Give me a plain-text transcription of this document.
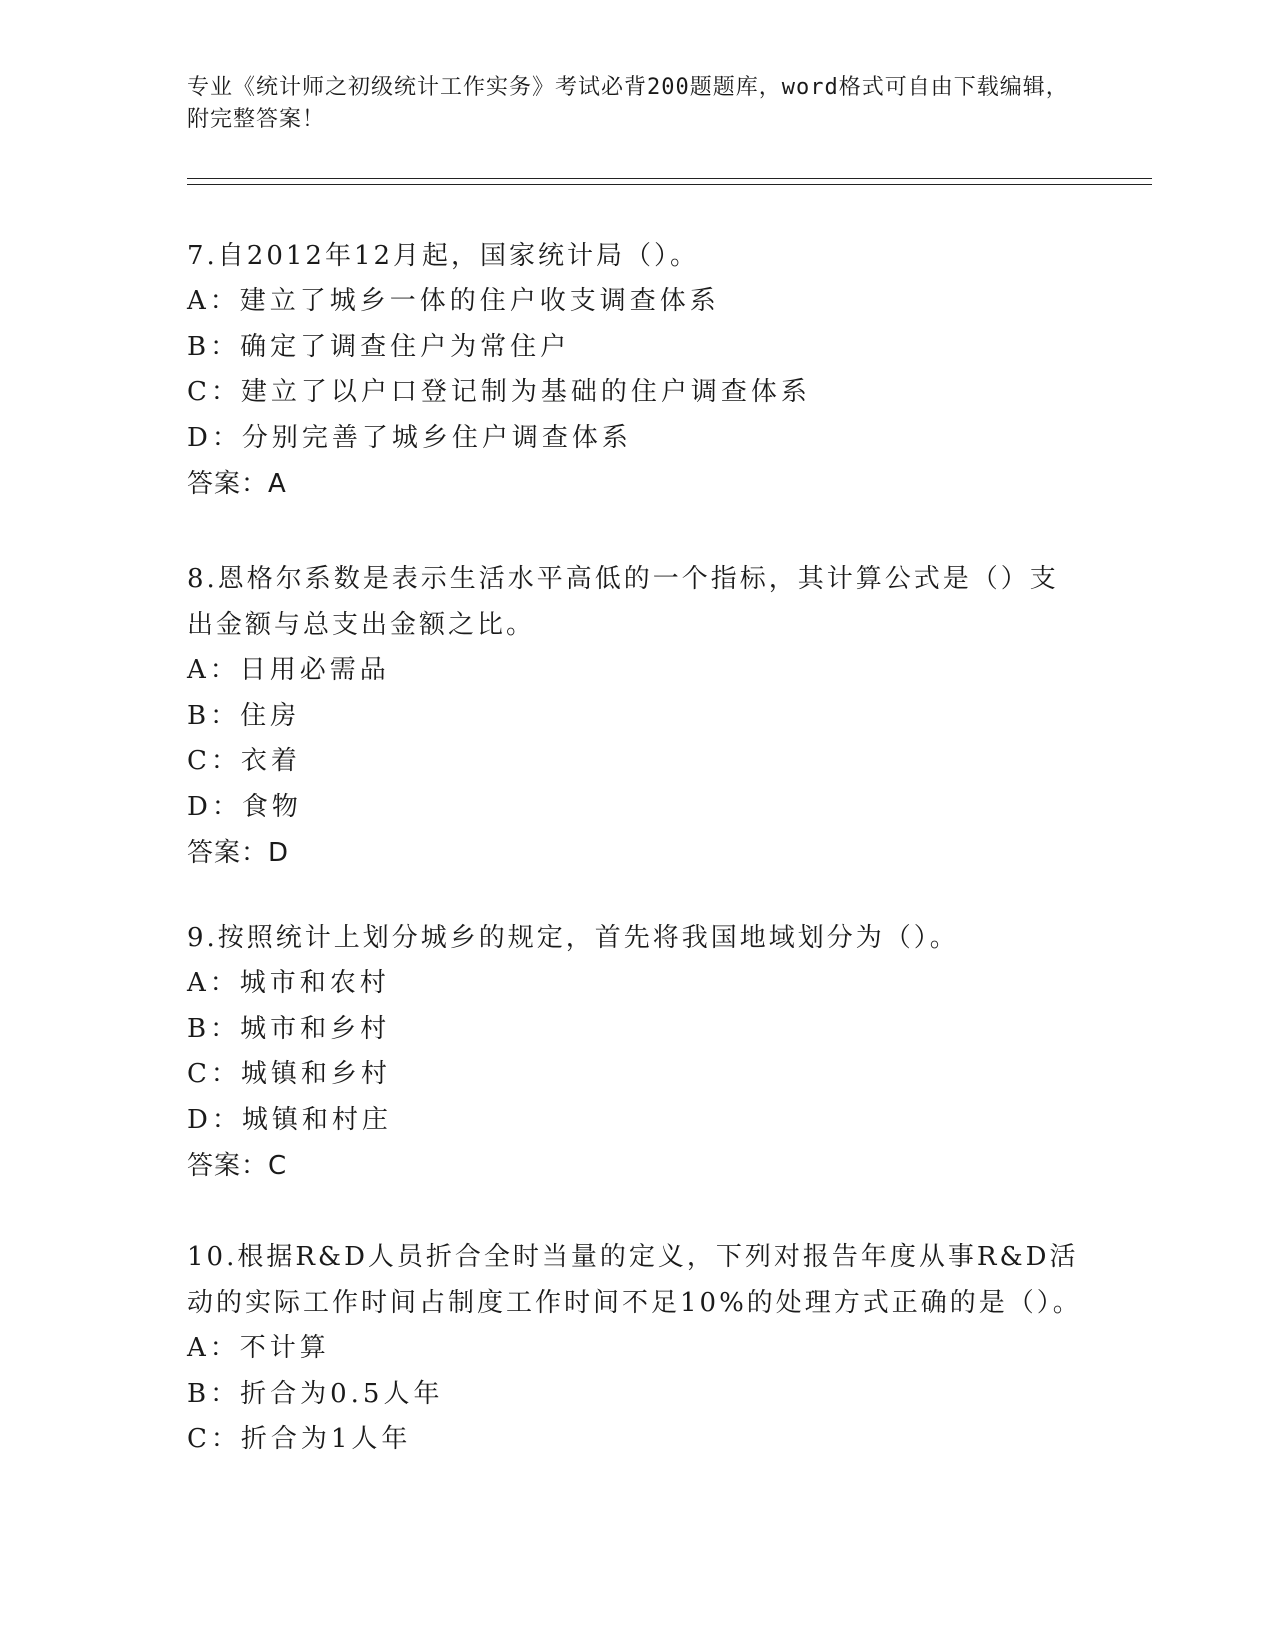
专业《统计师之初级统计工作实务》考试必背200题题库，word格式可自由下载编辑，附完整答案！
7.自2012年12月起，国家统计局（）。
A：建立了城乡一体的住户收支调查体系
B：确定了调查住户为常住户
C：建立了以户口登记制为基础的住户调查体系
D：分别完善了城乡住户调查体系
答案：A
8.恩格尔系数是表示生活水平高低的一个指标，其计算公式是（）支出金额与总支出金额之比。
A：日用必需品
B：住房
C：衣着
D：食物
答案：D
9.按照统计上划分城乡的规定，首先将我国地域划分为（）。
A：城市和农村
B：城市和乡村
C：城镇和乡村
D：城镇和村庄
答案：C
10.根据R&D人员折合全时当量的定义，下列对报告年度从事R&D活动的实际工作时间占制度工作时间不足10%的处理方式正确的是（）。
A：不计算
B：折合为0.5人年
C：折合为1人年
